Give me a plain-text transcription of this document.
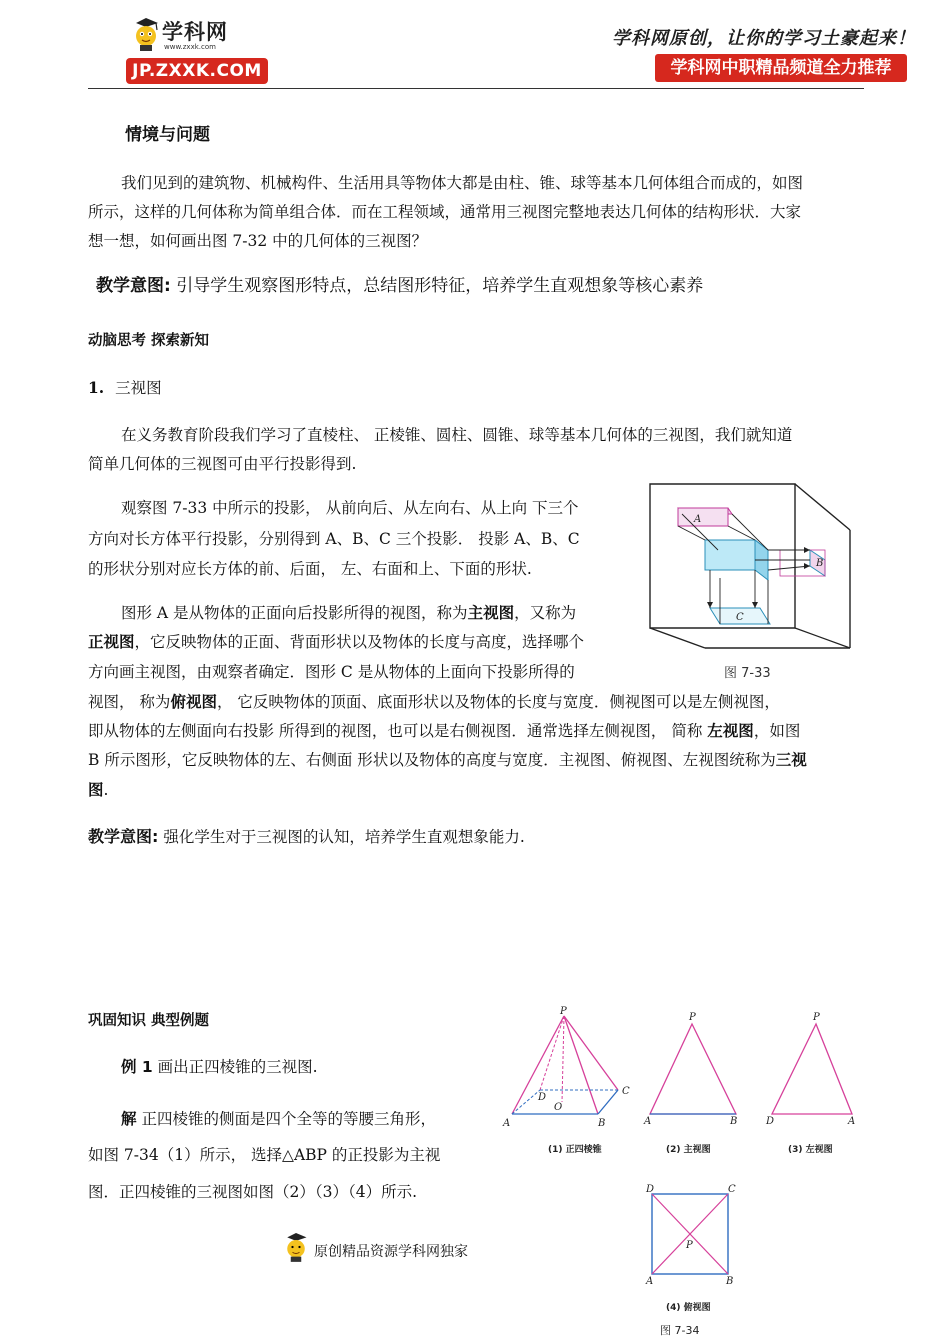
学科网
www.zxxk.com
JP.ZXXK.COM
学科网原创，让你的学习土豪起来！
学科网中职精品频道全力推荐
情境与问题
我们见到的建筑物、机械构件、生活用具等物体大都是由柱、锥、球等基本几何体组合而成的，如图
所示，这样的几何体称为简单组合体．而在工程领域，通常用三视图完整地表达几何体的结构形状．大家
想一想，如何画出图 7-32 中的几何体的三视图？
教学意图: 引导学生观察图形特点，总结图形特征，培养学生直观想象等核心素养
动脑思考 探索新知
1. 三视图
在义务教育阶段我们学习了直棱柱、 正棱锥、圆柱、圆锥、球等基本几何体的三视图，我们就知道
简单几何体的三视图可由平行投影得到.
观察图 7-33 中所示的投影， 从前向后、从左向右、从上向 下三个
方向对长方体平行投影，分别得到 A、B、C 三个投影． 投影 A、B、C
的形状分别对应长方体的前、后面， 左、右面和上、下面的形状.
图形 A 是从物体的正面向后投影所得的视图，称为主视图，又称为
正视图，它反映物体的正面、背面形状以及物体的长度与高度，选择哪个
方向画主视图，由观察者确定．图形 C 是从物体的上面向下投影所得的
视图， 称为俯视图， 它反映物体的顶面、底面形状以及物体的长度与宽度．侧视图可以是左侧视图，
即从物体的左侧面向右投影 所得到的视图，也可以是右侧视图．通常选择左侧视图， 简称 左视图，如图
B 所示图形，它反映物体的左、右侧面 形状以及物体的高度与宽度．主视图、俯视图、左视图统称为三视
图.
教学意图: 强化学生对于三视图的认知，培养学生直观想象能力.
A
B
C
图 7-33
巩固知识 典型例题
例 1 画出正四棱锥的三视图.
解 正四棱锥的侧面是四个全等的等腰三角形，
如图 7-34（1）所示， 选择△ABP 的正投影为主视
图．正四棱锥的三视图如图（2）（3）（4）所示.
P
A	B
C
D
O
(1) 正四棱锥
P
A	B
(2) 主视图
P
D	A
(3) 左视图
D	C
P
A	B
(4) 俯视图
图 7-34
原创精品资源学科网独家
